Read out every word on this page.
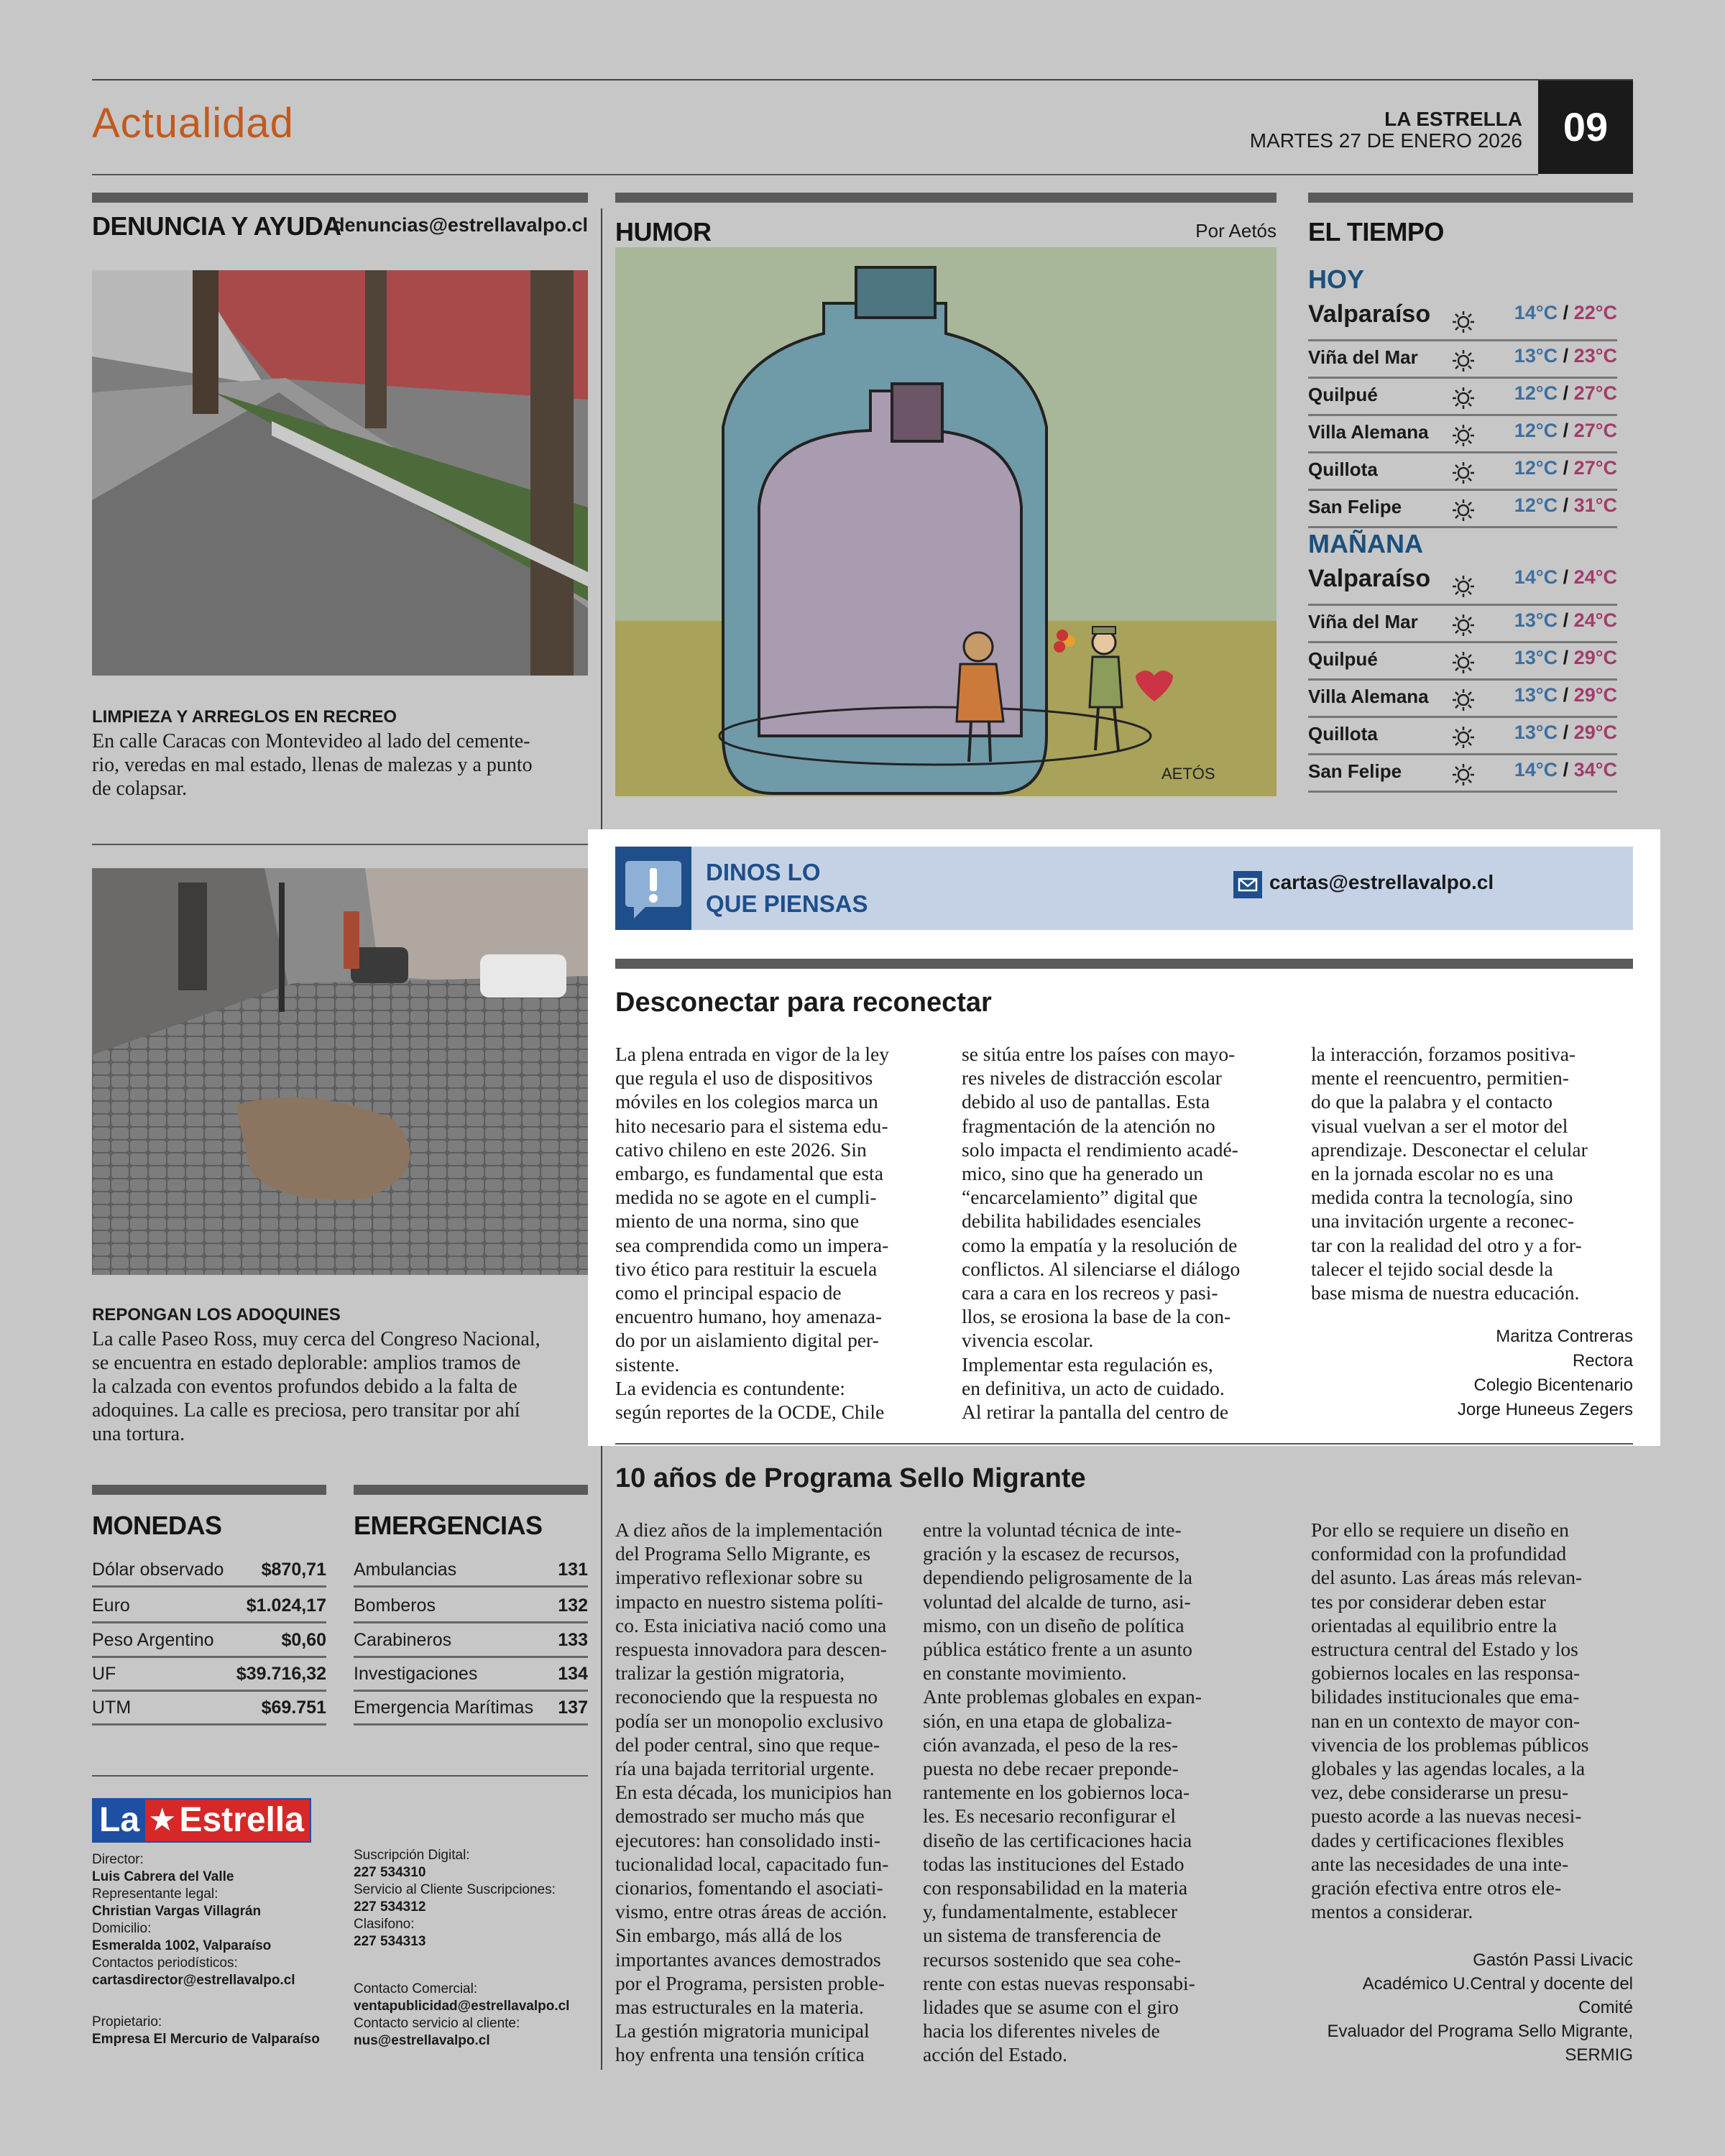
Actualidad	LA ESTRELLA
MARTES 27 DE ENERO 2026	09
DENUNCIA Y AYUDA
denuncias@estrellavalpo.cl
LIMPIEZA Y ARREGLOS EN RECREO
En calle Caracas con Montevideo al lado del cemente-
rio, veredas en mal estado, llenas de malezas y a punto
de colapsar.
REPONGAN LOS ADOQUINES
La calle Paseo Ross, muy cerca del Congreso Nacional,
se encuentra en estado deplorable: amplios tramos de
la calzada con eventos profundos debido a la falta de
adoquines. La calle es preciosa, pero transitar por ahí
una tortura.
MONEDAS
Dólar observado $870,71
Euro	$1.024,17
Peso Argentino	$0,60
UF	$39.716,32
UTM	$69.751
EMERGENCIAS
Ambulancias	131
Bomberos	132
Carabineros	133
Investigaciones	134
Emergencia Marítimas 137
La ★ Estrella
Director:
Luis Cabrera del Valle
Representante legal:
Christian Vargas Villagrán
Domicilio:
Esmeralda 1002, Valparaíso
Contactos periodísticos:
cartasdirector@estrellavalpo.cl
Propietario:
Empresa El Mercurio de Valparaíso
Suscripción Digital:
227 534310
Servicio al Cliente Suscripciones:
227 534312
Clasifono:
227 534313
Contacto Comercial:
ventapublicidad@estrellavalpo.cl
Contacto servicio al cliente:
nus@estrellavalpo.cl
HUMOR	Por Aetós
AETÓS
EL TIEMPO
HOY
Valparaíso	14°C / 22°C
Viña del Mar	13°C / 23°C
Quilpué	12°C / 27°C
Villa Alemana	12°C / 27°C
Quillota	12°C / 27°C
San Felipe	12°C / 31°C
MAÑANA
Valparaíso	14°C / 24°C
Viña del Mar	13°C / 24°C
Quilpué	13°C / 29°C
Villa Alemana	13°C / 29°C
Quillota	13°C / 29°C
San Felipe	14°C / 34°C
DINOS LO
QUE PIENSAS
cartas@estrellavalpo.cl
Desconectar para reconectar
La plena entrada en vigor de la ley
que regula el uso de dispositivos
móviles en los colegios marca un
hito necesario para el sistema edu-
cativo chileno en este 2026. Sin
embargo, es fundamental que esta
medida no se agote en el cumpli-
miento de una norma, sino que
sea comprendida como un impera-
tivo ético para restituir la escuela
como el principal espacio de
encuentro humano, hoy amenaza-
do por un aislamiento digital per-
sistente.
La evidencia es contundente:
según reportes de la OCDE, Chile
se sitúa entre los países con mayo-
res niveles de distracción escolar
debido al uso de pantallas. Esta
fragmentación de la atención no
solo impacta el rendimiento acadé-
mico, sino que ha generado un
“encarcelamiento” digital que
debilita habilidades esenciales
como la empatía y la resolución de
conflictos. Al silenciarse el diálogo
cara a cara en los recreos y pasi-
llos, se erosiona la base de la con-
vivencia escolar.
Implementar esta regulación es,
en definitiva, un acto de cuidado.
Al retirar la pantalla del centro de
la interacción, forzamos positiva-
mente el reencuentro, permitien-
do que la palabra y el contacto
visual vuelvan a ser el motor del
aprendizaje. Desconectar el celular
en la jornada escolar no es una
medida contra la tecnología, sino
una invitación urgente a reconec-
tar con la realidad del otro y a for-
talecer el tejido social desde la
base misma de nuestra educación.
Maritza Contreras
Rectora
Colegio Bicentenario
Jorge Huneeus Zegers
10 años de Programa Sello Migrante
A diez años de la implementación
del Programa Sello Migrante, es
imperativo reflexionar sobre su
impacto en nuestro sistema políti-
co. Esta iniciativa nació como una
respuesta innovadora para descen-
tralizar la gestión migratoria,
reconociendo que la respuesta no
podía ser un monopolio exclusivo
del poder central, sino que reque-
ría una bajada territorial urgente.
En esta década, los municipios han
demostrado ser mucho más que
ejecutores: han consolidado insti-
tucionalidad local, capacitado fun-
cionarios, fomentando el asociati-
vismo, entre otras áreas de acción.
Sin embargo, más allá de los
importantes avances demostrados
por el Programa, persisten proble-
mas estructurales en la materia.
La gestión migratoria municipal
hoy enfrenta una tensión crítica
entre la voluntad técnica de inte-
gración y la escasez de recursos,
dependiendo peligrosamente de la
voluntad del alcalde de turno, asi-
mismo, con un diseño de política
pública estático frente a un asunto
en constante movimiento.
Ante problemas globales en expan-
sión, en una etapa de globaliza-
ción avanzada, el peso de la res-
puesta no debe recaer preponde-
rantemente en los gobiernos loca-
les. Es necesario reconfigurar el
diseño de las certificaciones hacia
todas las instituciones del Estado
con responsabilidad en la materia
y, fundamentalmente, establecer
un sistema de transferencia de
recursos sostenido que sea cohe-
rente con estas nuevas responsabi-
lidades que se asume con el giro
hacia los diferentes niveles de
acción del Estado.
Por ello se requiere un diseño en
conformidad con la profundidad
del asunto. Las áreas más relevan-
tes por considerar deben estar
orientadas al equilibrio entre la
estructura central del Estado y los
gobiernos locales en las responsa-
bilidades institucionales que ema-
nan en un contexto de mayor con-
vivencia de los problemas públicos
globales y las agendas locales, a la
vez, debe considerarse un presu-
puesto acorde a las nuevas necesi-
dades y certificaciones flexibles
ante las necesidades de una inte-
gración efectiva entre otros ele-
mentos a considerar.
Gastón Passi Livacic
Académico U.Central y docente del
Comité
Evaluador del Programa Sello Migrante,
SERMIG
